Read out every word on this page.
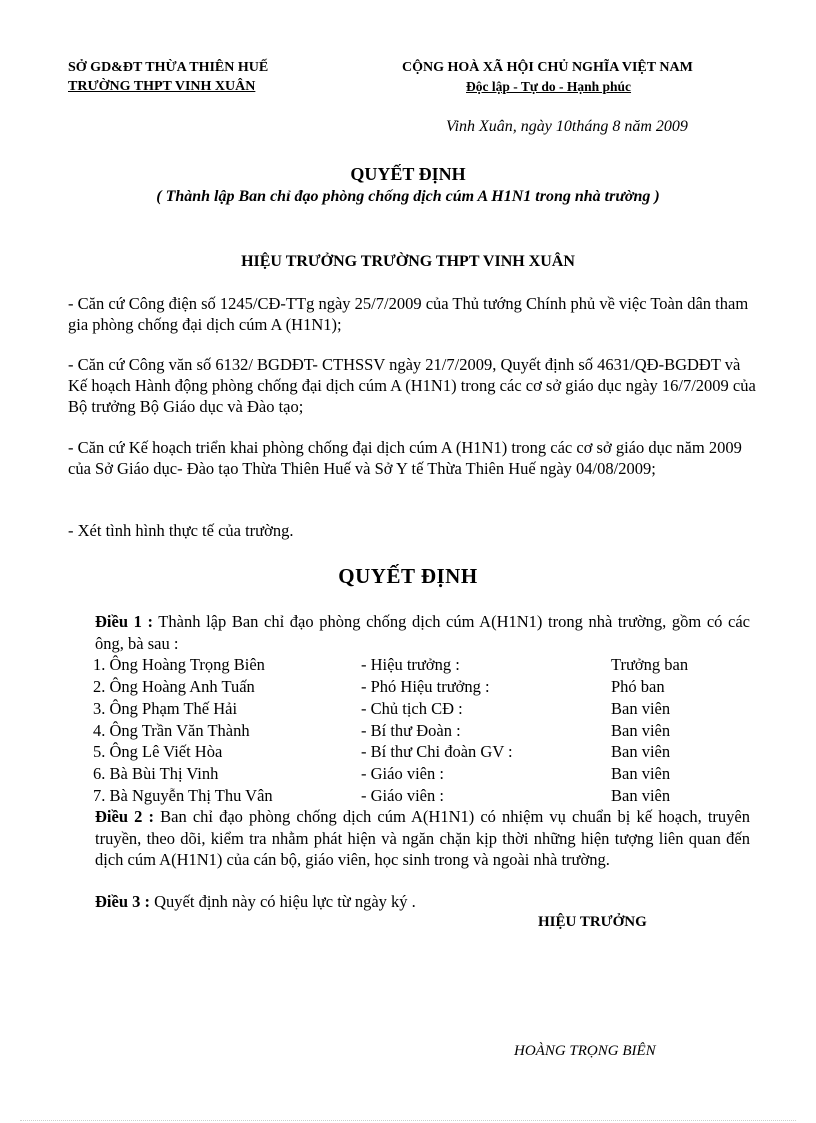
SỞ GD&ĐT THỪA THIÊN HUẾ
TRƯỜNG THPT VINH XUÂN
CỘNG HOÀ XÃ HỘI CHỦ NGHĨA VIỆT NAM
Độc lập - Tự do - Hạnh phúc
Vinh Xuân, ngày 10tháng 8 năm 2009
QUYẾT ĐỊNH
( Thành lập Ban chỉ đạo phòng chống dịch cúm A H1N1 trong nhà trường )
HIỆU TRƯỞNG TRƯỜNG THPT VINH XUÂN
- Căn cứ Công điện số 1245/CĐ-TTg ngày 25/7/2009 của Thủ tướng Chính phủ về việc Toàn dân tham gia phòng chống đại dịch cúm A (H1N1);
- Căn cứ Công văn số 6132/ BGDĐT- CTHSSV ngày 21/7/2009, Quyết định số 4631/QĐ-BGDĐT và Kế hoạch Hành động phòng chống đại dịch cúm A (H1N1) trong các cơ sở giáo dục ngày 16/7/2009 của Bộ trưởng Bộ Giáo dục và Đào tạo;
- Căn cứ Kế hoạch triển khai phòng chống đại dịch cúm A (H1N1) trong các cơ sở giáo dục năm 2009 của Sở Giáo dục- Đào tạo Thừa Thiên Huế và Sở Y tế Thừa Thiên Huế ngày 04/08/2009;
- Xét tình hình thực tế của trường.
QUYẾT ĐỊNH
Điều 1 : Thành lập Ban chỉ đạo phòng chống dịch cúm A(H1N1) trong nhà trường, gồm có các ông, bà sau :
1. Ông Hoàng Trọng Biên	- Hiệu trưởng :	Trưởng ban
2. Ông Hoàng Anh Tuấn	- Phó Hiệu trưởng :	Phó ban
3. Ông Phạm Thế Hải	- Chủ tịch CĐ :	Ban viên
4. Ông Trần Văn Thành	- Bí thư Đoàn :	Ban viên
5. Ông Lê Viết Hòa	- Bí thư Chi đoàn GV :	Ban viên
6. Bà Bùi Thị Vinh	- Giáo viên :	Ban viên
7. Bà Nguyễn Thị Thu Vân	- Giáo viên :	Ban viên
Điều 2 : Ban chỉ đạo phòng chống dịch cúm A(H1N1) có nhiệm vụ chuẩn bị kế hoạch, truyên truyền, theo dõi, kiểm tra nhằm phát hiện và ngăn chặn kịp thời những hiện tượng liên quan đến dịch cúm A(H1N1) của cán bộ, giáo viên, học sinh trong và ngoài nhà trường.
Điều 3 : Quyết định này có hiệu lực từ ngày ký .
HIỆU TRƯỞNG
HOÀNG TRỌNG BIÊN
